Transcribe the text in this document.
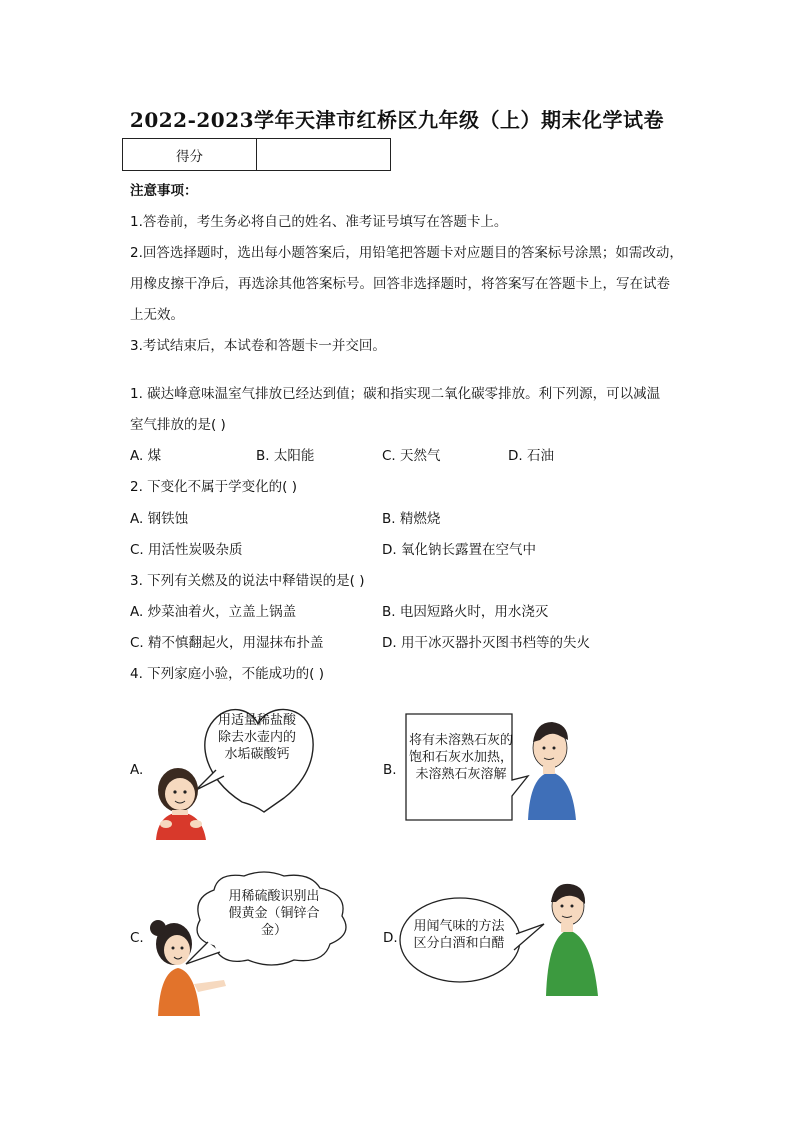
2022-2023学年天津市红桥区九年级（上）期末化学试卷
得分	
注意事项：
1.答卷前，考生务必将自己的姓名、准考证号填写在答题卡上。
2.回答选择题时，选出每小题答案后，用铅笔把答题卡对应题目的答案标号涂黑；如需改动，
用橡皮擦干净后，再选涂其他答案标号。回答非选择题时，将答案写在答题卡上，写在试卷
上无效。
3.考试结束后，本试卷和答题卡一并交回。
1. 碳达峰意味温室气排放已经达到值；碳和指实现二氧化碳零排放。利下列源，可以减温
室气排放的是( )
A. 煤	B. 太阳能	C. 天然气	D. 石油
2. 下变化不属于学变化的( )
A. 钢铁蚀	B. 精燃烧
C. 用活性炭吸杂质	D. 氧化钠长露置在空气中
3. 下列有关燃及的说法中释错误的是( )
A. 炒菜油着火，立盖上锅盖	B. 电因短路火时，用水浇灭
C. 精不慎翻起火，用湿抹布扑盖	D. 用干冰灭器扑灭图书档等的失火
4. 下列家庭小验，不能成功的( )
A.
用适量稀盐酸除去水壶内的水垢碳酸钙
B.
将有未溶熟石灰的饱和石灰水加热，未溶熟石灰溶解
C.
用稀硫酸识别出假黄金（铜锌合金）	D.
用闻气味的方法区分白酒和白醋
